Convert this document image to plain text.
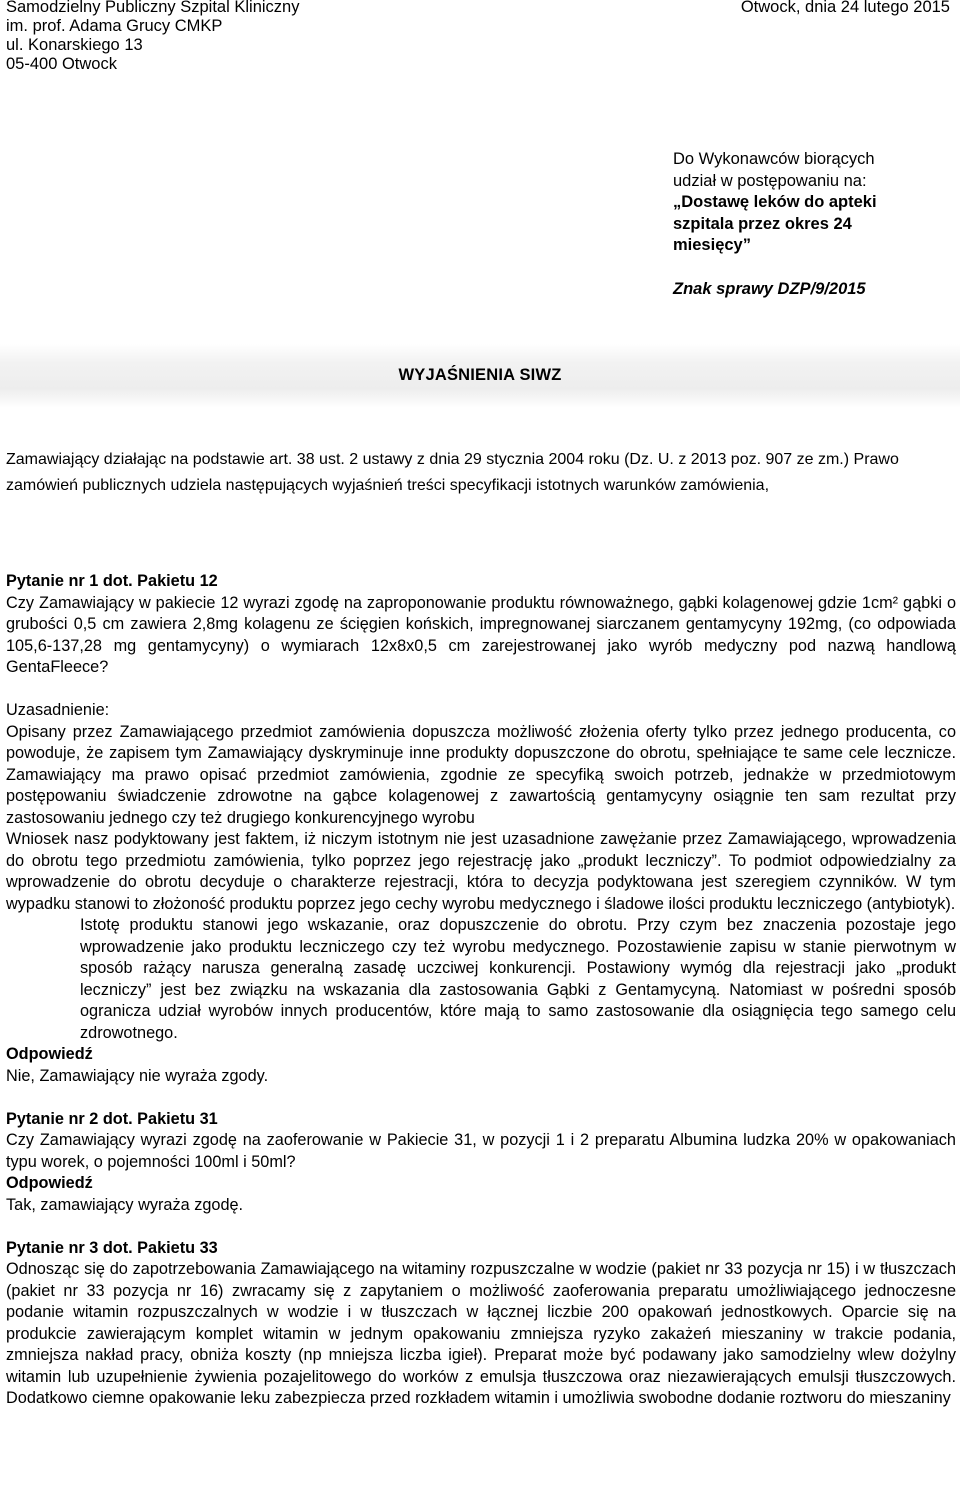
Samodzielny Publiczny Szpital Kliniczny
im. prof. Adama Grucy CMKP
ul. Konarskiego 13
05-400 Otwock
Otwock, dnia 24 lutego 2015
Do Wykonawców biorących
udział w postępowaniu na:
„Dostawę leków do apteki
szpitala przez okres 24
miesięcy”
Znak sprawy DZP/9/2015
WYJAŚNIENIA SIWZ
Zamawiający działając na podstawie art. 38 ust. 2 ustawy z dnia 29 stycznia 2004 roku (Dz. U. z 2013 poz. 907 ze zm.) Prawo zamówień publicznych udziela następujących wyjaśnień treści specyfikacji istotnych warunków zamówienia,

Pytanie nr 1 dot. Pakietu 12

Czy Zamawiający w pakiecie 12 wyrazi zgodę na zaproponowanie produktu równoważnego, gąbki kolagenowej gdzie 1cm² gąbki o grubości 0,5 cm zawiera 2,8mg kolagenu ze ścięgien końskich, impregnowanej siarczanem gentamycyny 192mg, (co odpowiada 105,6-137,28 mg gentamycyny) o wymiarach 12x8x0,5 cm zarejestrowanej jako wyrób medyczny pod nazwą handlową GentaFleece?

Uzasadnienie:

Opisany przez Zamawiającego przedmiot zamówienia dopuszcza możliwość złożenia oferty tylko przez jednego producenta, co powoduje, że zapisem tym Zamawiający dyskryminuje inne produkty dopuszczone do obrotu, spełniające te same cele lecznicze. Zamawiający ma prawo opisać przedmiot zamówienia, zgodnie ze specyfiką swoich potrzeb, jednakże w przedmiotowym postępowaniu świadczenie zdrowotne na gąbce kolagenowej z zawartością gentamycyny osiągnie ten sam rezultat przy zastosowaniu jednego czy też drugiego konkurencyjnego wyrobu

Wniosek nasz podyktowany jest faktem, iż niczym istotnym nie jest uzasadnione zawężanie przez Zamawiającego, wprowadzenia do obrotu tego przedmiotu zamówienia, tylko poprzez jego rejestrację jako „produkt leczniczy”. To podmiot odpowiedzialny za wprowadzenie do obrotu decyduje o charakterze rejestracji, która to decyzja podyktowana jest szeregiem czynników. W tym wypadku stanowi to złożoność produktu poprzez jego cechy wyrobu medycznego i śladowe ilości produktu leczniczego (antybiotyk).

Istotę produktu stanowi jego wskazanie, oraz dopuszczenie do obrotu. Przy czym bez znaczenia pozostaje jego wprowadzenie jako produktu leczniczego czy też wyrobu medycznego. Pozostawienie zapisu w stanie pierwotnym w sposób rażący narusza generalną zasadę uczciwej konkurencji. Postawiony wymóg dla rejestracji jako „produkt leczniczy” jest bez związku na wskazania dla zastosowania Gąbki z Gentamycyną. Natomiast w pośredni sposób ogranicza udział wyrobów innych producentów, które mają to samo zastosowanie dla osiągnięcia tego samego celu zdrowotnego.

Odpowiedź

Nie, Zamawiający nie wyraża zgody.

Pytanie nr 2 dot. Pakietu 31

Czy Zamawiający wyrazi zgodę na zaoferowanie w Pakiecie 31, w pozycji 1 i 2 preparatu Albumina ludzka 20% w opakowaniach typu worek, o pojemności 100ml i 50ml?

Odpowiedź

Tak, zamawiający wyraża zgodę.

Pytanie nr 3 dot. Pakietu 33

Odnosząc się do zapotrzebowania Zamawiającego na witaminy rozpuszczalne w wodzie (pakiet nr 33 pozycja nr 15) i w tłuszczach (pakiet nr 33 pozycja nr 16) zwracamy się z zapytaniem o możliwość zaoferowania preparatu umożliwiającego jednoczesne podanie witamin rozpuszczalnych w wodzie i w tłuszczach w łącznej liczbie 200 opakowań jednostkowych. Oparcie się na produkcie zawierającym komplet witamin w jednym opakowaniu zmniejsza ryzyko zakażeń mieszaniny w trakcie podania, zmniejsza nakład pracy, obniża koszty (np mniejsza liczba igieł). Preparat może być podawany jako samodzielny wlew dożylny witamin lub uzupełnienie żywienia pozajelitowego do worków z emulsja tłuszczowa oraz niezawierających emulsji tłuszczowych. Dodatkowo ciemne opakowanie leku zabezpiecza przed rozkładem witamin i umożliwia swobodne dodanie roztworu do mieszaniny
